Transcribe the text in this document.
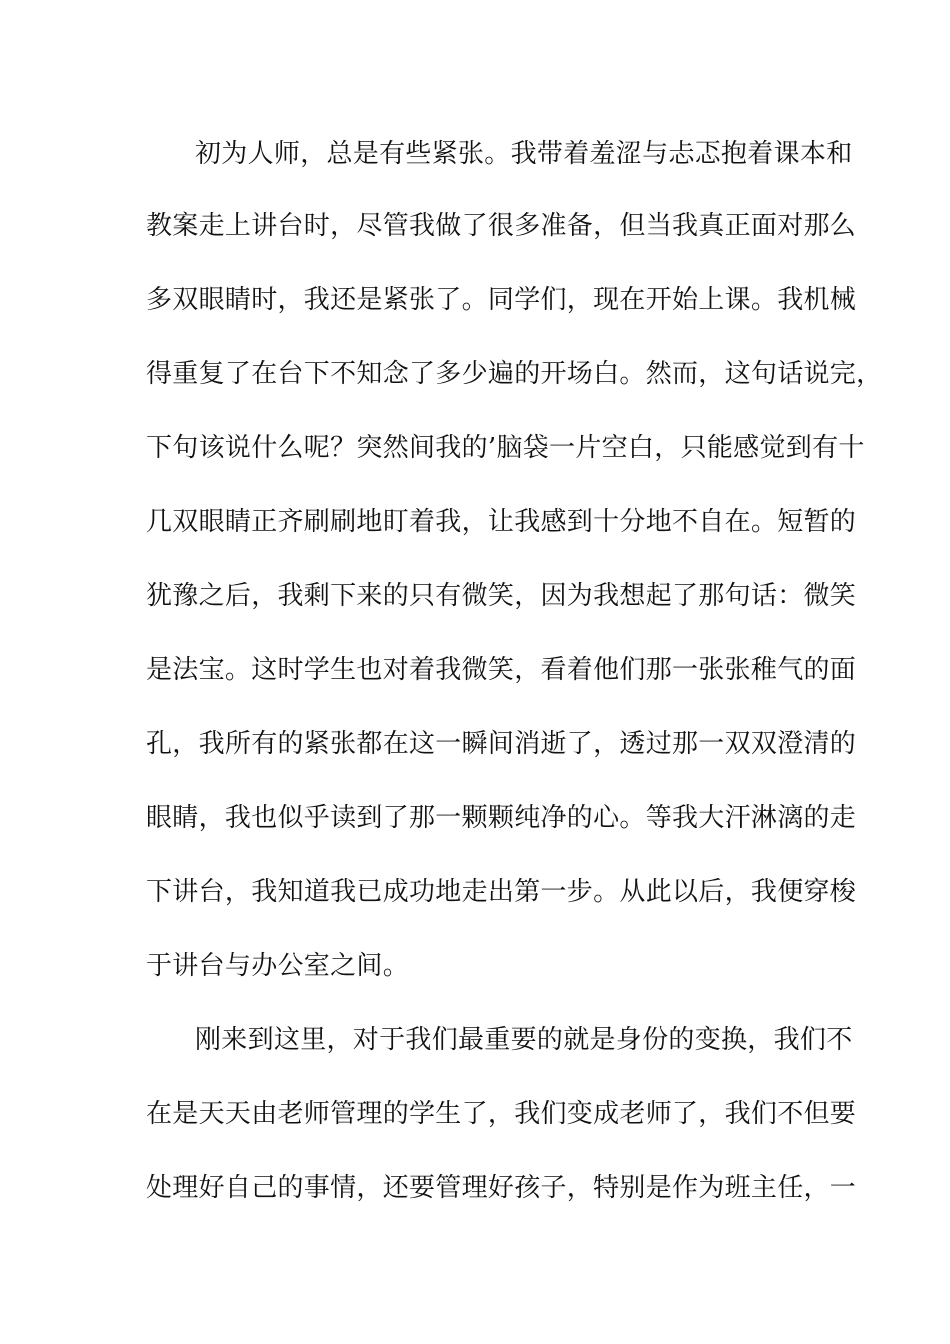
初为人师，总是有些紧张。我带着羞涩与忐忑抱着课本和
教案走上讲台时，尽管我做了很多准备，但当我真正面对那么
多双眼睛时，我还是紧张了。同学们，现在开始上课。我机械
得重复了在台下不知念了多少遍的开场白。然而，这句话说完，
下句该说什么呢？突然间我的’脑袋一片空白，只能感觉到有十
几双眼睛正齐刷刷地盯着我，让我感到十分地不自在。短暂的
犹豫之后，我剩下来的只有微笑，因为我想起了那句话：微笑
是法宝。这时学生也对着我微笑，看着他们那一张张稚气的面
孔，我所有的紧张都在这一瞬间消逝了，透过那一双双澄清的
眼睛，我也似乎读到了那一颗颗纯净的心。等我大汗淋漓的走
下讲台，我知道我已成功地走出第一步。从此以后，我便穿梭
于讲台与办公室之间。
刚来到这里，对于我们最重要的就是身份的变换，我们不
在是天天由老师管理的学生了，我们变成老师了，我们不但要
处理好自己的事情，还要管理好孩子，特别是作为班主任，一
